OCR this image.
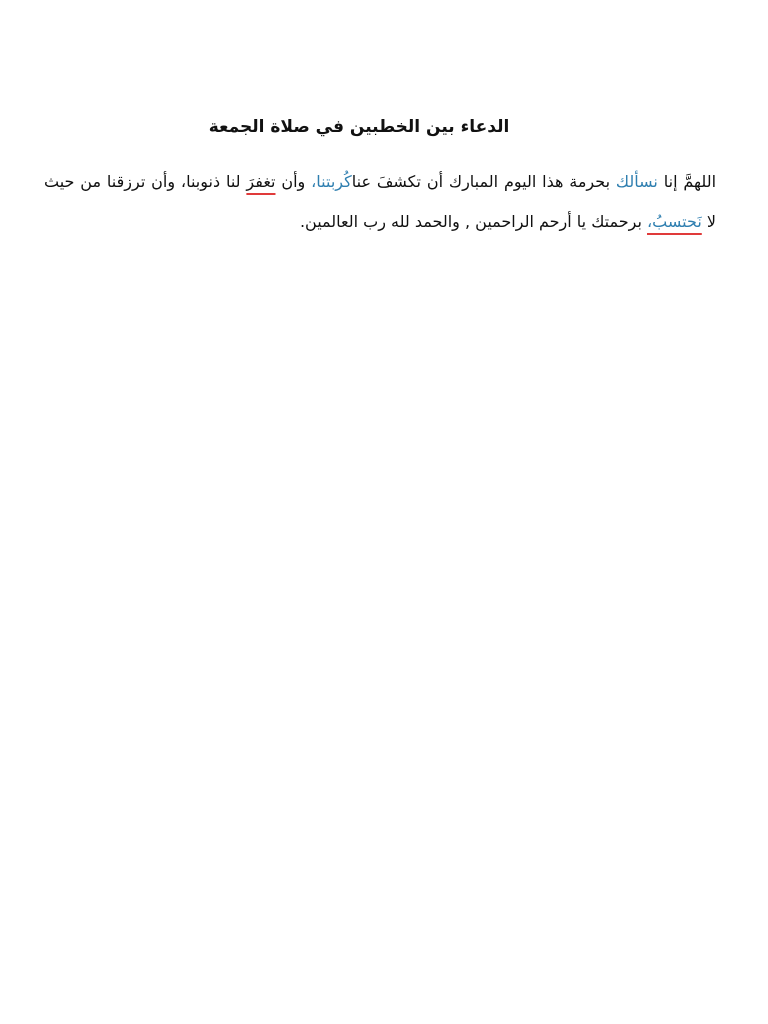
الدعاء بين الخطبين في صلاة الجمعة
اللهمَّ إنا نسألك بحرمة هذا اليوم المبارك أن تكشفَ عناكُربتنا، وأن تغفرَ لنا ذنوبنا، وأن ترزقنا من حيث لا نَحتسبُ، برحمتك يا أرحم الراحمين , والحمد لله رب العالمين.
